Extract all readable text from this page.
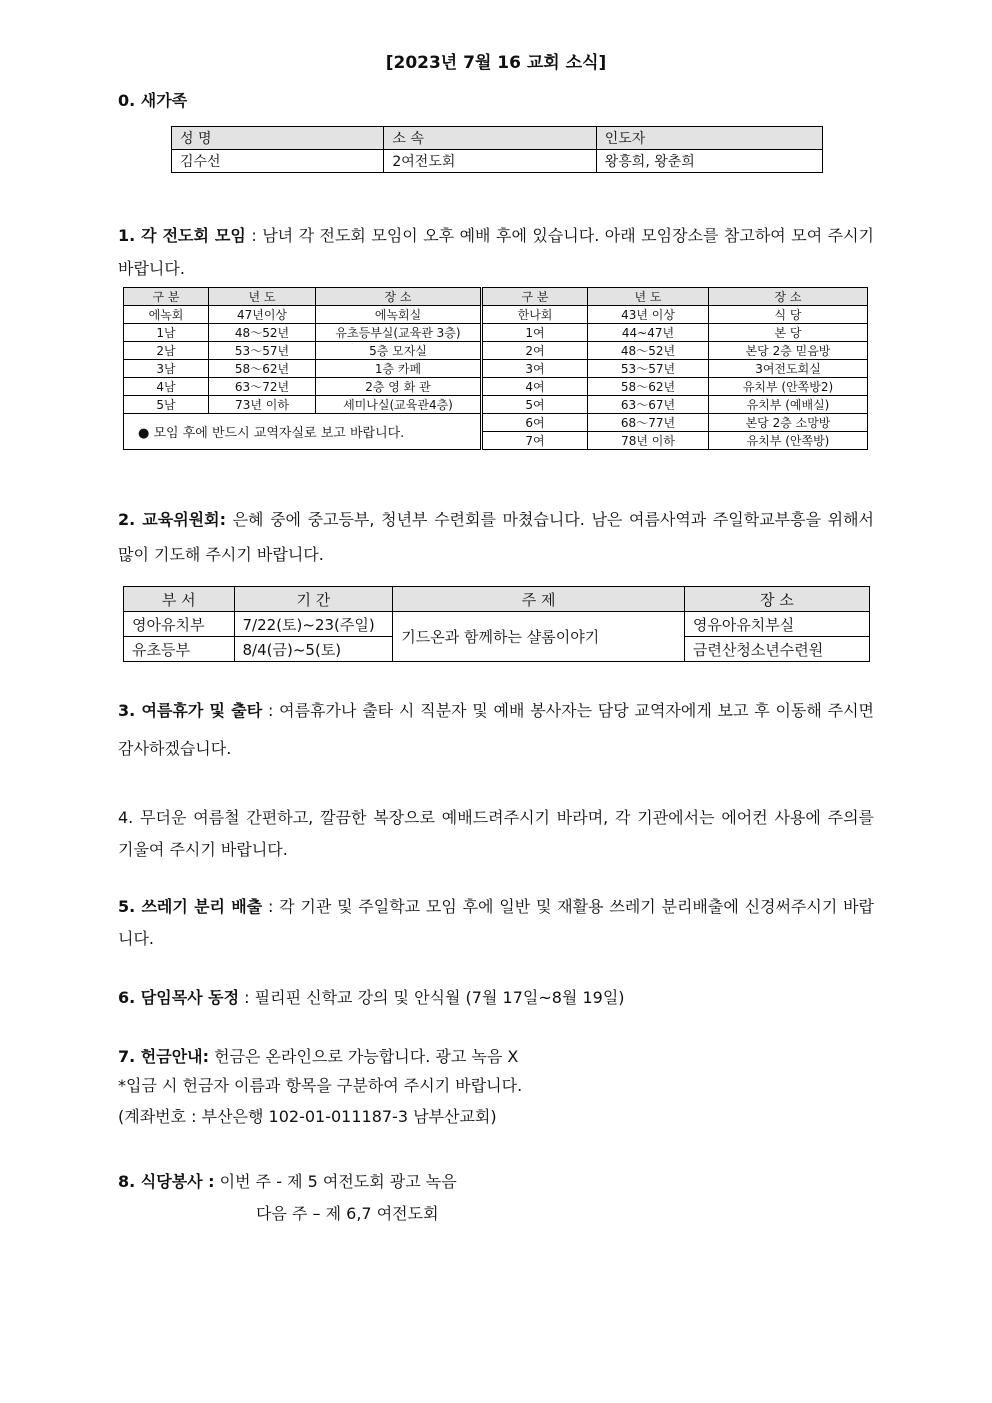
[2023년 7월 16 교회 소식]
0. 새가족
성 명	소 속	인도자
김수선	2여전도회	왕흥희, 왕춘희
1. 각 전도회 모임 : 남녀 각 전도회 모임이 오후 예배 후에 있습니다. 아래 모임장소를 참고하여 모여 주시기 바랍니다.
구 분	년 도	장 소	구 분	년 도	장 소
에녹회	47년이상	에녹회실	한나회	43년 이상	식 당
1남	48～52년	유초등부실(교육관 3층)	1여	44~47년	본 당
2남	53～57년	5층 모자실	2여	48～52년	본당 2층 믿음방
3남	58～62년	1층 카페	3여	53～57년	3여전도회실
4남	63～72년	2층 영 화 관	4여	58～62년	유치부 (안쪽방2)
5남	73년 이하	세미나실(교육관4층)	5여	63～67년	유치부 (예배실)
● 모임 후에 반드시 교역자실로 보고 바랍니다.			6여	68～77년	본당 2층 소망방
			7여	78년 이하	유치부 (안쪽방)
2. 교육위원회: 은혜 중에 중고등부, 청년부 수련회를 마쳤습니다. 남은 여름사역과 주일학교부흥을 위해서 많이 기도해 주시기 바랍니다.
부 서	기 간	주 제	장 소
영아유치부	7/22(토)~23(주일)	기드온과 함께하는 샬롬이야기	영유아유치부실
유초등부	8/4(금)~5(토)		금련산청소년수련원
3. 여름휴가 및 출타 : 여름휴가나 출타 시 직분자 및 예배 봉사자는 담당 교역자에게 보고 후 이동해 주시면 감사하겠습니다.
4. 무더운 여름철 간편하고, 깔끔한 복장으로 예배드려주시기 바라며, 각 기관에서는 에어컨 사용에 주의를 기울여 주시기 바랍니다.
5. 쓰레기 분리 배출 : 각 기관 및 주일학교 모임 후에 일반 및 재활용 쓰레기 분리배출에 신경써주시기 바랍니다.
6. 담임목사 동정 : 필리핀 신학교 강의 및 안식월 (7월 17일~8월 19일)
7. 헌금안내: 헌금은 온라인으로 가능합니다. 광고 녹음 X
*입금 시 헌금자 이름과 항목을 구분하여 주시기 바랍니다.
(계좌번호 : 부산은행 102-01-011187-3 남부산교회)
8. 식당봉사 : 이번 주 - 제 5 여전도회 광고 녹음
다음 주 – 제 6,7 여전도회
